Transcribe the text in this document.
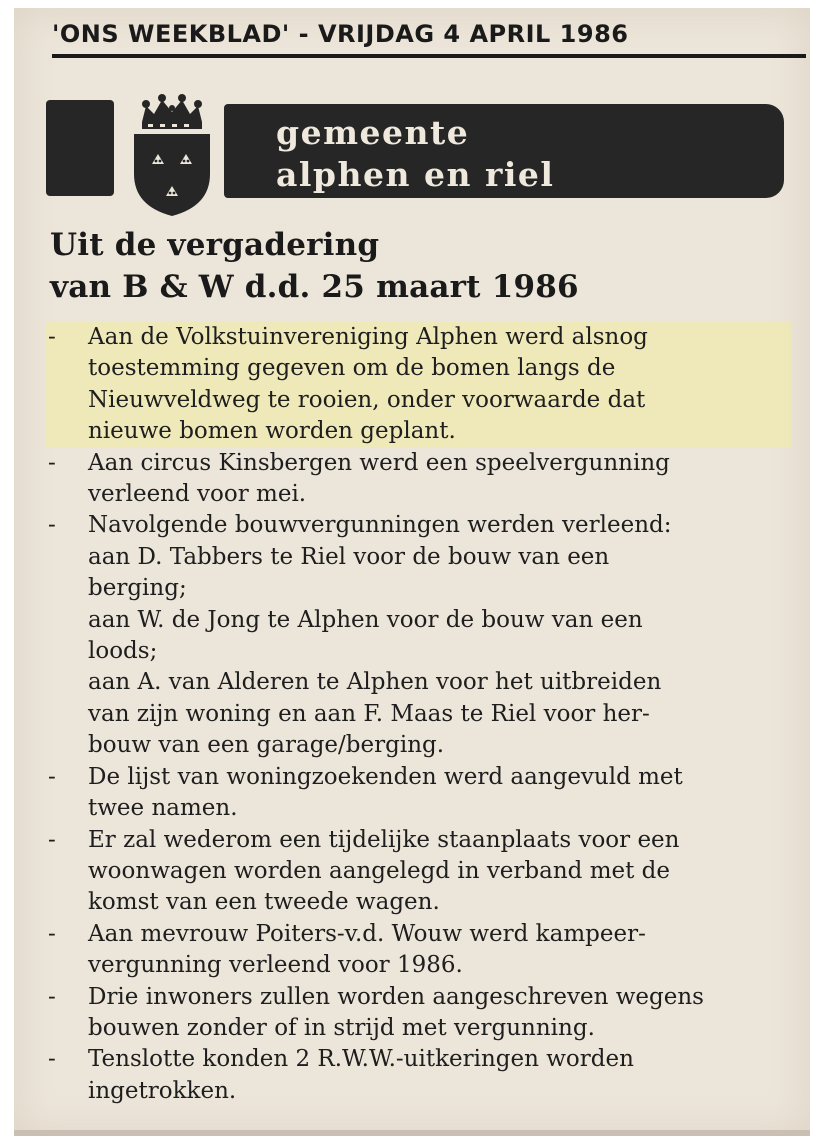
'ONS WEEKBLAD' - VRIJDAG 4 APRIL 1986
gemeente
alphen en riel
Uit de vergadering
van B & W d.d. 25 maart 1986
- Aan de Volkstuinvereniging Alphen werd alsnog
toestemming gegeven om de bomen langs de
Nieuwveldweg te rooien, onder voorwaarde dat
nieuwe bomen worden geplant.
- Aan circus Kinsbergen werd een speelvergunning
verleend voor mei.
- Navolgende bouwvergunningen werden verleend:
aan D. Tabbers te Riel voor de bouw van een
berging;
aan W. de Jong te Alphen voor de bouw van een
loods;
aan A. van Alderen te Alphen voor het uitbreiden
van zijn woning en aan F. Maas te Riel voor her-
bouw van een garage/berging.
- De lijst van woningzoekenden werd aangevuld met
twee namen.
- Er zal wederom een tijdelijke staanplaats voor een
woonwagen worden aangelegd in verband met de
komst van een tweede wagen.
- Aan mevrouw Poiters-v.d. Wouw werd kampeer-
vergunning verleend voor 1986.
- Drie inwoners zullen worden aangeschreven wegens
bouwen zonder of in strijd met vergunning.
- Tenslotte konden 2 R.W.W.-uitkeringen worden
ingetrokken.
